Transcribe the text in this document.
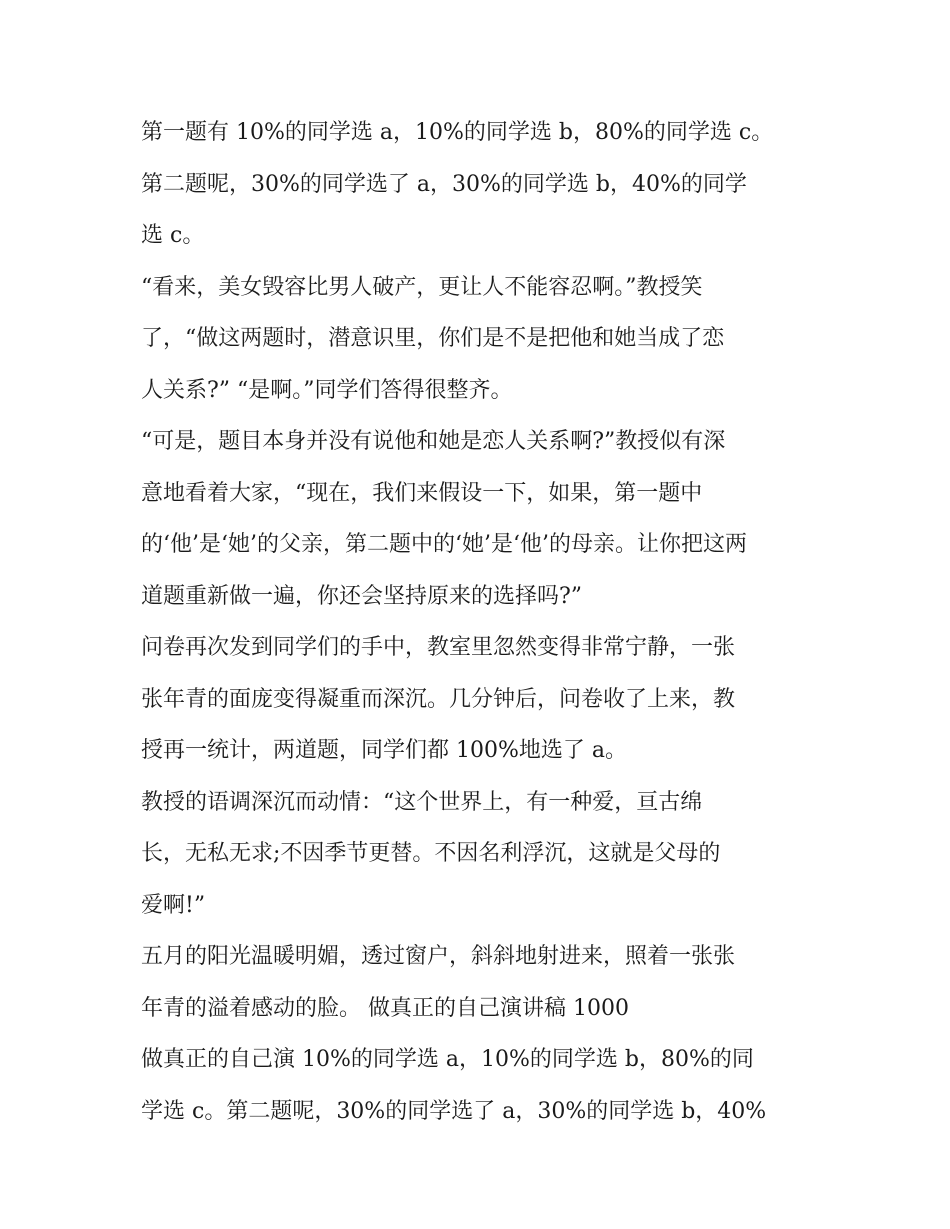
第一题有 10%的同学选 a，10%的同学选 b，80%的同学选 c。
第二题呢，30%的同学选了 a，30%的同学选 b，40%的同学
选 c。
“看来，美女毁容比男人破产，更让人不能容忍啊。”教授笑
了，“做这两题时，潜意识里，你们是不是把他和她当成了恋
人关系?” “是啊。”同学们答得很整齐。
“可是，题目本身并没有说他和她是恋人关系啊?”教授似有深
意地看着大家，“现在，我们来假设一下，如果，第一题中
的‘他’是‘她’的父亲，第二题中的‘她’是‘他’的母亲。让你把这两
道题重新做一遍，你还会坚持原来的选择吗?”
问卷再次发到同学们的手中，教室里忽然变得非常宁静，一张
张年青的面庞变得凝重而深沉。几分钟后，问卷收了上来，教
授再一统计，两道题，同学们都 100%地选了 a。
教授的语调深沉而动情：“这个世界上，有一种爱，亘古绵
长，无私无求;不因季节更替。不因名利浮沉，这就是父母的
爱啊!”
五月的阳光温暖明媚，透过窗户，斜斜地射进来，照着一张张
年青的溢着感动的脸。 做真正的自己演讲稿 1000
做真正的自己演 10%的同学选 a，10%的同学选 b，80%的同
学选 c。第二题呢，30%的同学选了 a，30%的同学选 b，40%
